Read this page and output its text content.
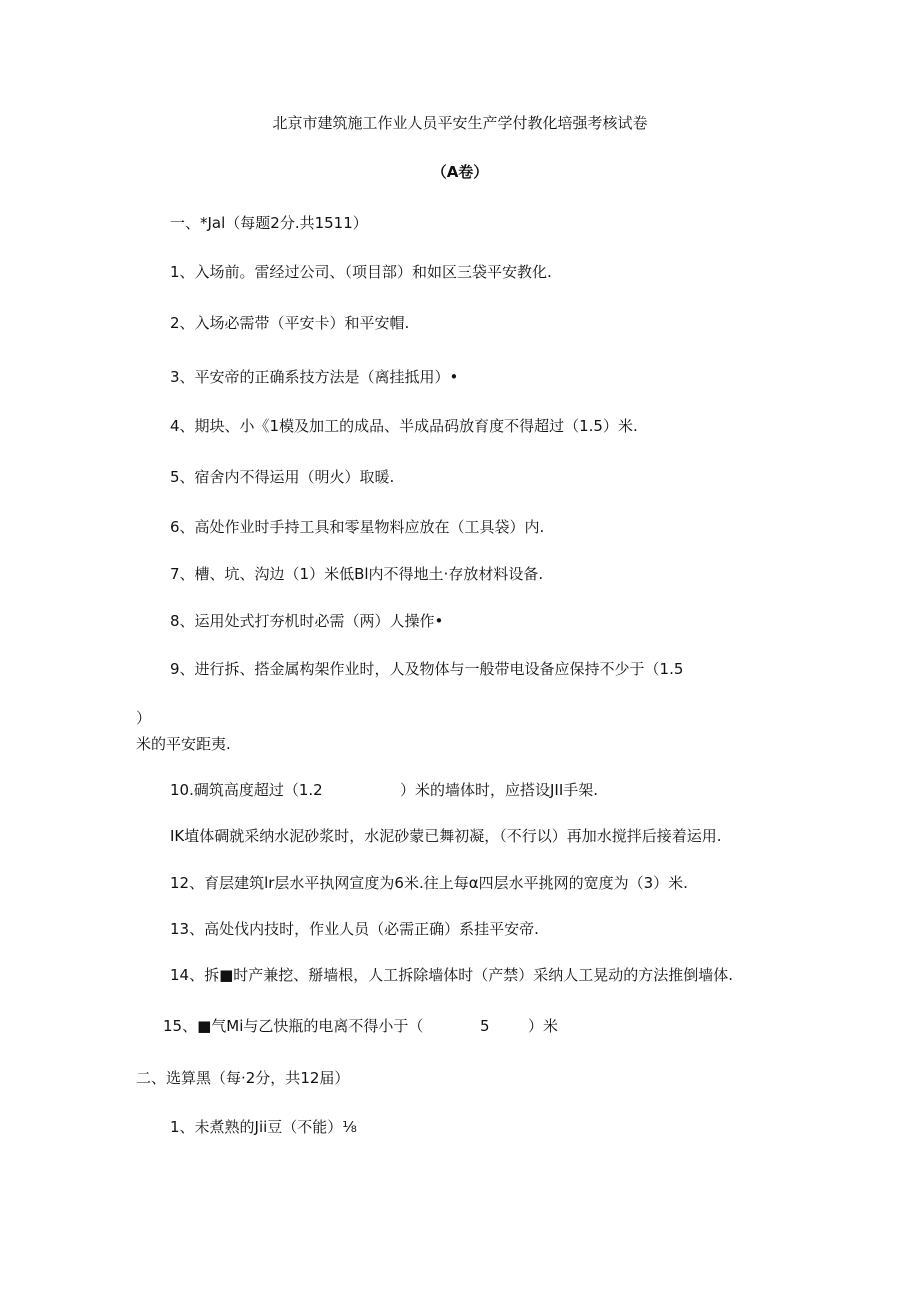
北京市建筑施工作业人员平安生产学付教化培强考核试卷
（A卷）
一、*Jal（每题2分.共1511）
1、入场前。雷经过公司、（项目部）和如区三袋平安教化.
2、入场必需带（平安卡）和平安帽.
3、平安帝的正确系技方法是（离挂抵用）•
4、期块、小《1模及加工的成品、半成品码放育度不得超过（1.5）米.
5、宿舍内不得运用（明火）取暖.
6、高处作业时手持工具和零星物料应放在（工具袋）内.
7、槽、坑、沟边（1）米低Bl内不得地土·存放材料设备.
8、运用处式打夯机时必需（两）人操作•
9、进行拆、搭金属构架作业时，人及物体与一般带电设备应保持不少于（1.5
）
米的平安距夷.
10.碉筑高度超过（1.2	）米的墙体时，应搭设JII手架.
IK埴体碉就采纳水泥砂浆时，水泥砂蒙已舞初凝，（不行以）再加水搅拌后接着运用.
12、育层建筑lr层水平执网宣度为6米.往上每α四层水平挑网的宽度为（3）米.
13、高处伐内技时，作业人员（必需正确）系挂平安帝.
14、拆■时产兼挖、掰墙根，人工拆除墙体时（产禁）采纳人工晃动的方法推倒墙体.
15、■气Mi与乙快瓶的电离不得小于（	5	）米
二、选算黑（每·2分，共12届）
1、未煮熟的Jii豆（不能）⅛
